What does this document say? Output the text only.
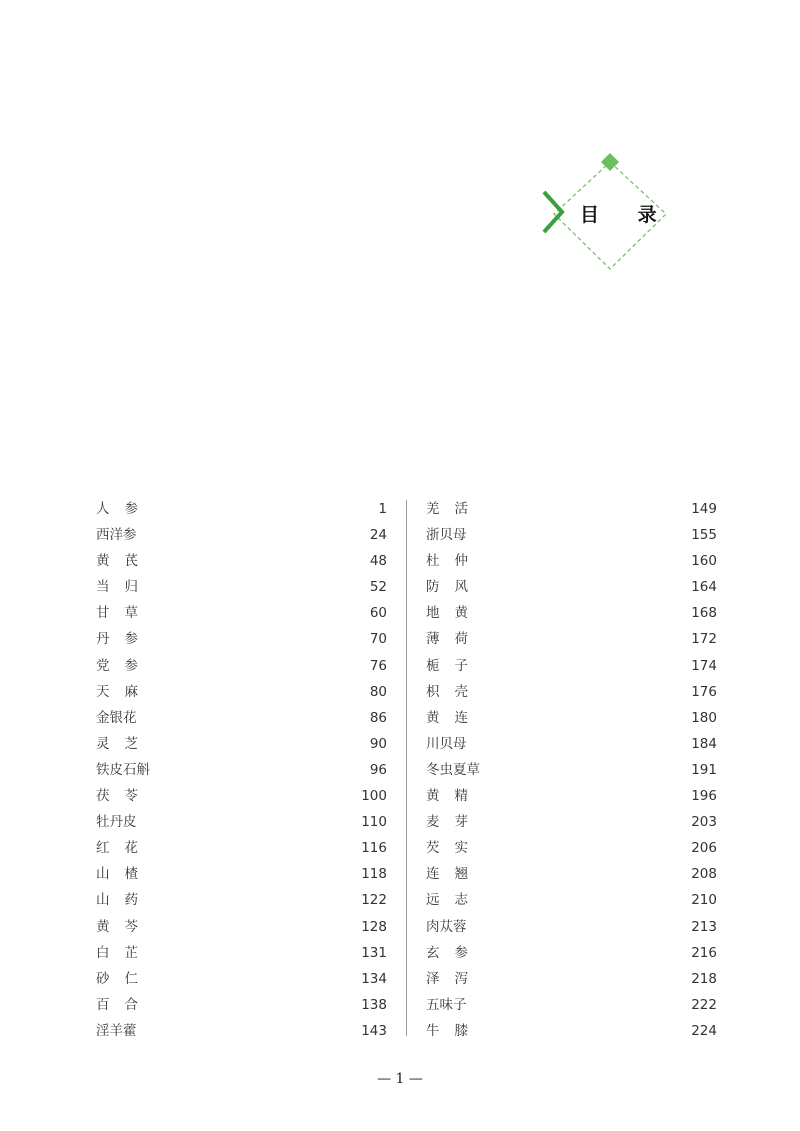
目 录
人参	1
西洋参	24
黄芪	48
当归	52
甘草	60
丹参	70
党参	76
天麻	80
金银花	86
灵芝	90
铁皮石斛	96
茯苓	100
牡丹皮	110
红花	116
山楂	118
山药	122
黄芩	128
白芷	131
砂仁	134
百合	138
淫羊藿	143
羌活	149
浙贝母	155
杜仲	160
防风	164
地黄	168
薄荷	172
栀子	174
枳壳	176
黄连	180
川贝母	184
冬虫夏草	191
黄精	196
麦芽	203
芡实	206
连翘	208
远志	210
肉苁蓉	213
玄参	216
泽泻	218
五味子	222
牛膝	224
— 1 —
